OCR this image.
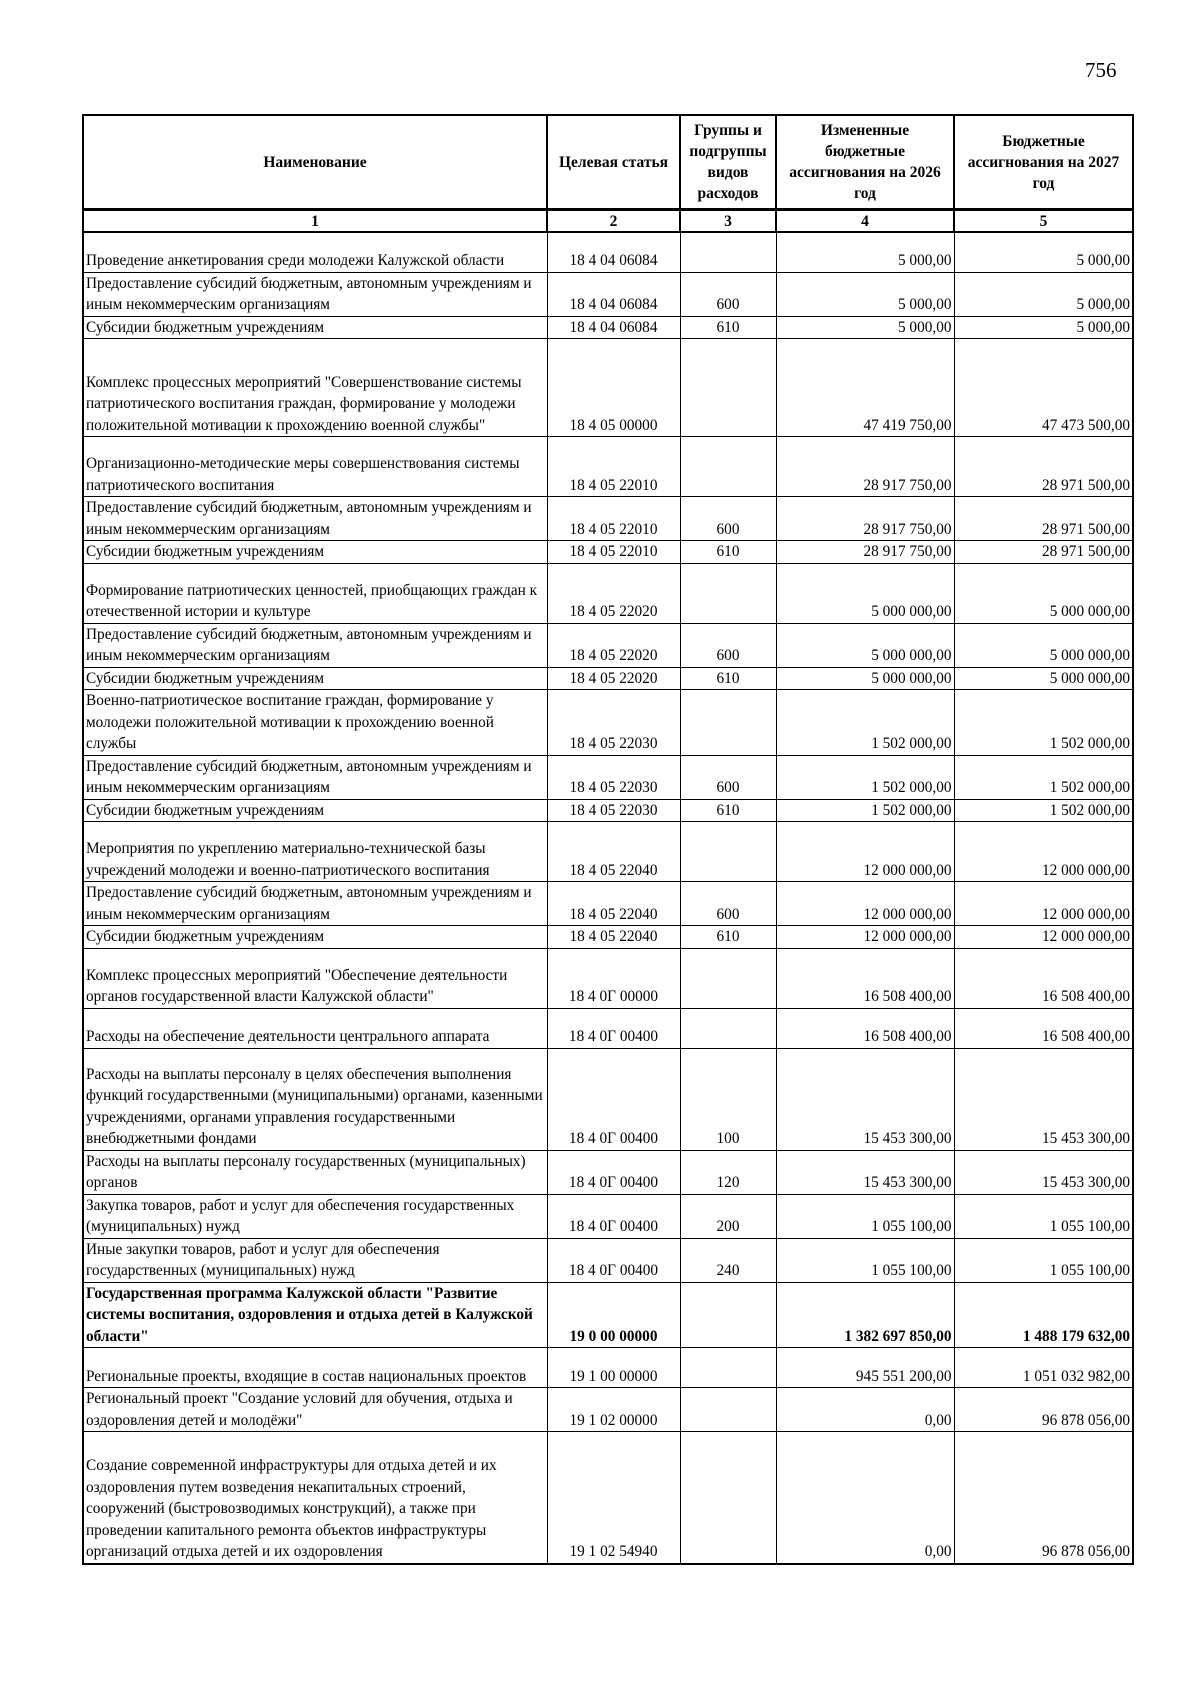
756
Наименование	Целевая статья	Группы и подгруппы видов расходов	Измененные бюджетные ассигнования на 2026 год	Бюджетные ассигнования на 2027 год
1	2	3	4	5
Проведение анкетирования среди молодежи Калужской области	18 4 04 06084		5 000,00	5 000,00
Предоставление субсидий бюджетным, автономным учреждениям и иным некоммерческим организациям	18 4 04 06084	600	5 000,00	5 000,00
Субсидии бюджетным учреждениям	18 4 04 06084	610	5 000,00	5 000,00
Комплекс процессных мероприятий "Совершенствование системы патриотического воспитания граждан, формирование у молодежи положительной мотивации к прохождению военной службы"	18 4 05 00000		47 419 750,00	47 473 500,00
Организационно-методические меры совершенствования системы патриотического воспитания	18 4 05 22010		28 917 750,00	28 971 500,00
Предоставление субсидий бюджетным, автономным учреждениям и иным некоммерческим организациям	18 4 05 22010	600	28 917 750,00	28 971 500,00
Субсидии бюджетным учреждениям	18 4 05 22010	610	28 917 750,00	28 971 500,00
Формирование патриотических ценностей, приобщающих граждан к отечественной истории и культуре	18 4 05 22020		5 000 000,00	5 000 000,00
Предоставление субсидий бюджетным, автономным учреждениям и иным некоммерческим организациям	18 4 05 22020	600	5 000 000,00	5 000 000,00
Субсидии бюджетным учреждениям	18 4 05 22020	610	5 000 000,00	5 000 000,00
Военно-патриотическое воспитание граждан, формирование у молодежи положительной мотивации к прохождению военной службы	18 4 05 22030		1 502 000,00	1 502 000,00
Предоставление субсидий бюджетным, автономным учреждениям и иным некоммерческим организациям	18 4 05 22030	600	1 502 000,00	1 502 000,00
Субсидии бюджетным учреждениям	18 4 05 22030	610	1 502 000,00	1 502 000,00
Мероприятия по укреплению материально-технической базы учреждений молодежи и военно-патриотического воспитания	18 4 05 22040		12 000 000,00	12 000 000,00
Предоставление субсидий бюджетным, автономным учреждениям и иным некоммерческим организациям	18 4 05 22040	600	12 000 000,00	12 000 000,00
Субсидии бюджетным учреждениям	18 4 05 22040	610	12 000 000,00	12 000 000,00
Комплекс процессных мероприятий "Обеспечение деятельности органов государственной власти Калужской области"	18 4 0Г 00000		16 508 400,00	16 508 400,00
Расходы на обеспечение деятельности центрального аппарата	18 4 0Г 00400		16 508 400,00	16 508 400,00
Расходы на выплаты персоналу в целях обеспечения выполнения функций государственными (муниципальными) органами, казенными учреждениями, органами управления государственными внебюджетными фондами	18 4 0Г 00400	100	15 453 300,00	15 453 300,00
Расходы на выплаты персоналу государственных (муниципальных) органов	18 4 0Г 00400	120	15 453 300,00	15 453 300,00
Закупка товаров, работ и услуг для обеспечения государственных (муниципальных) нужд	18 4 0Г 00400	200	1 055 100,00	1 055 100,00
Иные закупки товаров, работ и услуг для обеспечения государственных (муниципальных) нужд	18 4 0Г 00400	240	1 055 100,00	1 055 100,00
Государственная программа Калужской области "Развитие системы воспитания, оздоровления и отдыха детей в Калужской области"	19 0 00 00000		1 382 697 850,00	1 488 179 632,00
Региональные проекты, входящие в состав национальных проектов	19 1 00 00000		945 551 200,00	1 051 032 982,00
Региональный проект "Создание условий для обучения, отдыха и оздоровления детей и молодёжи"	19 1 02 00000		0,00	96 878 056,00
Создание современной инфраструктуры для отдыха детей и их оздоровления путем возведения некапитальных строений, сооружений (быстровозводимых конструкций), а также при проведении капитального ремонта объектов инфраструктуры организаций отдыха детей и их оздоровления	19 1 02 54940		0,00	96 878 056,00
